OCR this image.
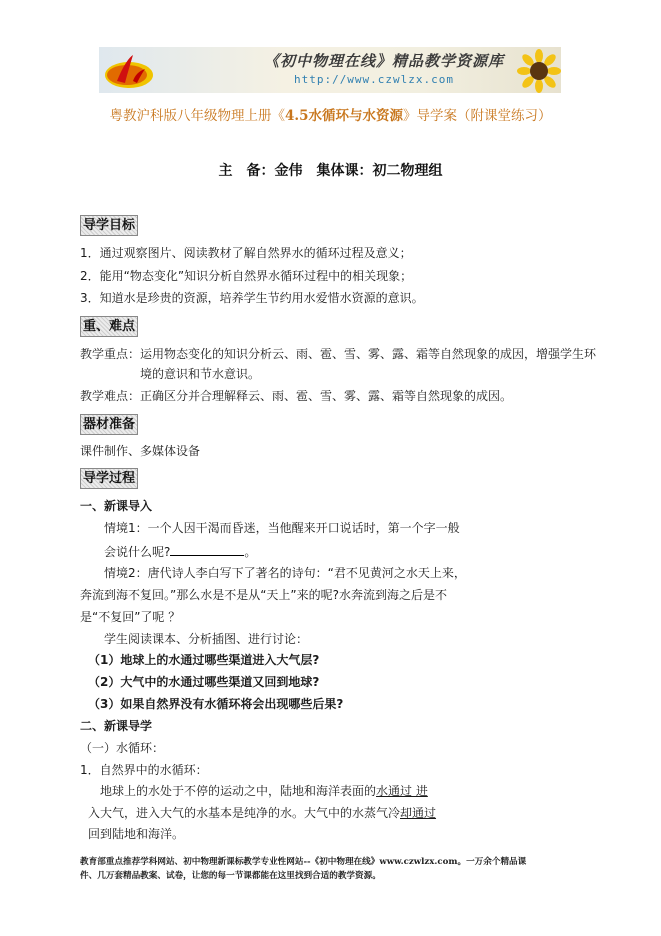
《初中物理在线》精品教学资源库
http://www.czwlzx.com
粤教沪科版八年级物理上册《4.5水循环与水资源》导学案（附课堂练习）
主　备：金伟　集体课：初二物理组
导学目标
1．通过观察图片、阅读教材了解自然界水的循环过程及意义；
2．能用“物态变化”知识分析自然界水循环过程中的相关现象；
3．知道水是珍贵的资源，培养学生节约用水爱惜水资源的意识。
重、难点
教学重点：运用物态变化的知识分析云、雨、雹、雪、雾、露、霜等自然现象的成因，增强学生环
境的意识和节水意识。
教学难点：正确区分并合理解释云、雨、雹、雪、雾、露、霜等自然现象的成因。
器材准备
课件制作、多媒体设备
导学过程
一、新课导入
情境1：一个人因干渴而昏迷，当他醒来开口说话时，第一个字一般
会说什么呢?	。
情境2：唐代诗人李白写下了著名的诗句：“君不见黄河之水天上来，
奔流到海不复回。”那么水是不是从“天上”来的呢?水奔流到海之后是不
是“不复回”了呢 ？
学生阅读课本、分析插图、进行讨论：
（1）地球上的水通过哪些渠道进入大气层?
（2）大气中的水通过哪些渠道又回到地球?
（3）如果自然界没有水循环将会出现哪些后果?
二、新课导学
（一）水循环：
1．自然界中的水循环：
地球上的水处于不停的运动之中，陆地和海洋表面的水通过 进
入大气，进入大气的水基本是纯净的水。大气中的水蒸气冷却通过
回到陆地和海洋。
教育部重点推荐学科网站、初中物理新课标教学专业性网站--《初中物理在线》www.czwlzx.com。一万余个精品课
件、几万套精品教案、试卷，让您的每一节课都能在这里找到合适的教学资源。
